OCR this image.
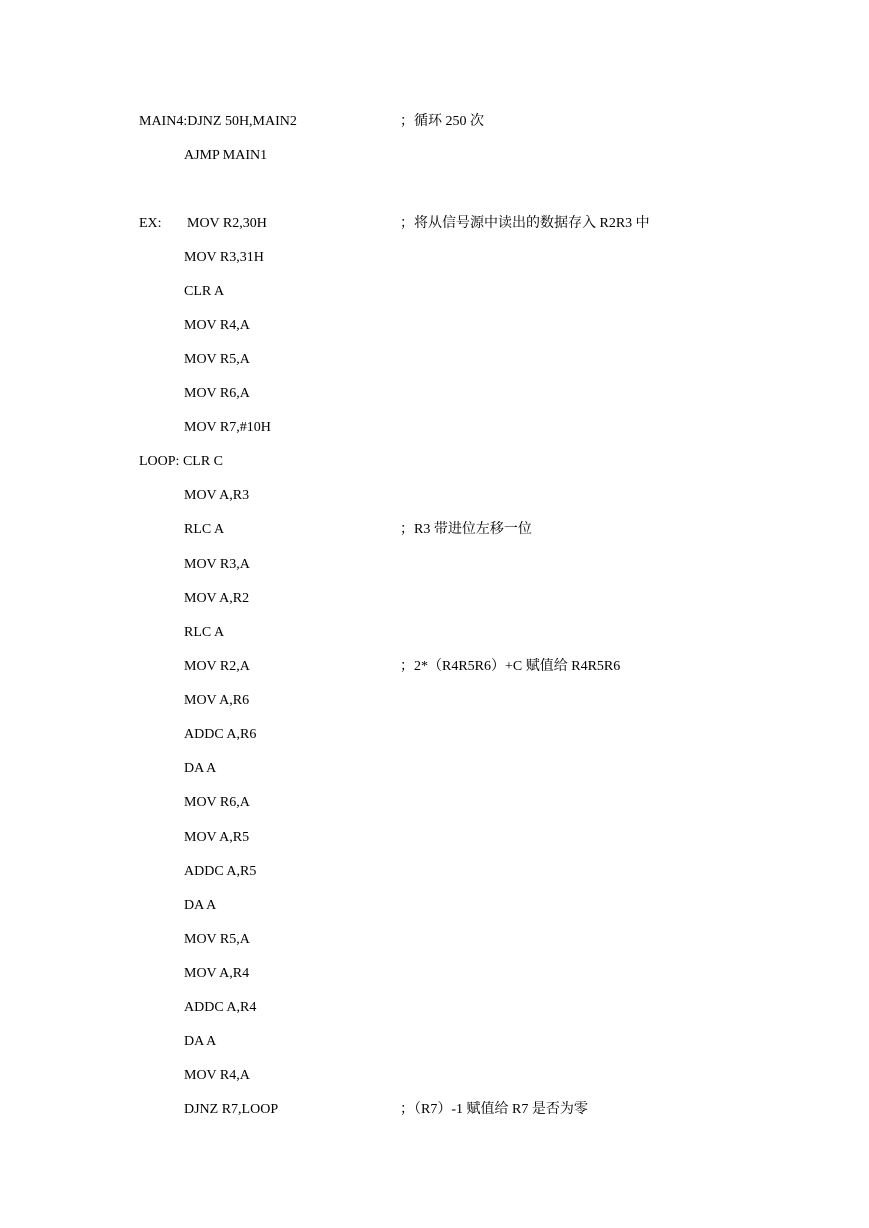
MAIN4:DJNZ 50H,MAIN2	；循环 250 次
AJMP MAIN1
EX: MOV R2,30H	；将从信号源中读出的数据存入 R2R3 中
MOV R3,31H
CLR A
MOV R4,A
MOV R5,A
MOV R6,A
MOV R7,#10H
LOOP: CLR C
MOV A,R3
RLC A	；R3 带进位左移一位
MOV R3,A
MOV A,R2
RLC A
MOV R2,A	；2*（R4R5R6）+C 赋值给 R4R5R6
MOV A,R6
ADDC A,R6
DA A
MOV R6,A
MOV A,R5
ADDC A,R5
DA A
MOV R5,A
MOV A,R4
ADDC A,R4
DA A
MOV R4,A
DJNZ R7,LOOP	；（R7）-1 赋值给 R7 是否为零
